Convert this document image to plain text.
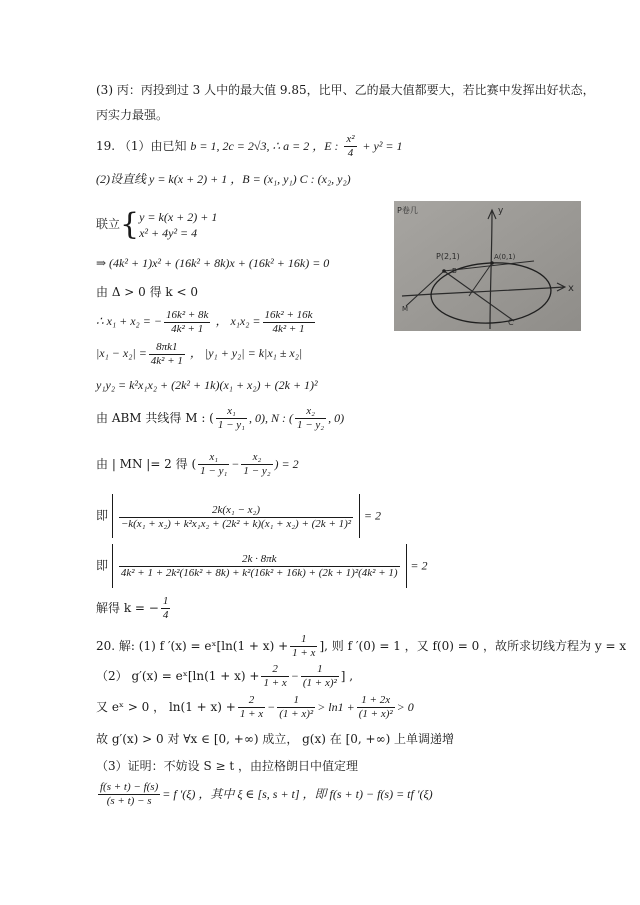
(3) 丙：丙投到过 3 人中的最大值 9.85，比甲、乙的最大值都要大，若比赛中发挥出好状态，
丙实力最强。
19. （1）由已知 b = 1, 2c = 2√3, ∴ a = 2 ，E : $\frac{\text{x²}}{4} + y^2 = 1$
(2)设直线 y = k(x + 2) + 1 ，B = (x₁, y₁) C : (x₂, y₂)
联立{ y = k(x + 2) + 1
x² + 4y² = 4
⇒ (4k² + 1)x² + (16k² + 8k)x + (16k² + 16k) = 0
由 Δ > 0 得 k < 0
∴ x₁ + x₂ = − $\frac{\text{16k² + 8k}}{\text{4k² + 1}}$ ， $x_1x_2 = \frac{\text{16k² + 16k}}{\text{4k² + 1}}$
$|x_1 - x_2| = \frac{8\pi k1}{\text{4k² + 1}}$ ， |y₁ + y₂| = k|x₁ ± x₂|
y₁y₂ = k²x₁x₂ + (2k² + 1k)(x₁ + x₂) + (2k + 1)²
由 ABM 共线得 M : ( $\frac{\text{x₁}}{\text{1 − y₁}}$ , 0), N : ( $\frac{\text{x₂}}{\text{1 − y₂}}$ , 0)
由 | MN |= 2 得 ( $\frac{\text{x₁}}{\text{1 − y₁}} - \frac{\text{x₂}}{\text{1 − y₂}}$ ) = 2
即 $\frac{\text{2k(x₁ − x₂)}}{\text{−k(x₁ + x₂) + k²x₁x₂ + (2k² + k)(x₁ + x₂) + (2k + 1)²}} = 2$
即	2k · 8πk
4k² + 1 + 2k²(16k² + 8k) + k²(16k² + 16k) + (2k + 1)²(4k² + 1)
= 2
解得 k = − $\frac{1}{4}$
20. 解: (1) f ′(x) = eˣ[ln(1 + $x) + \frac{1}{1 + x}$ ], 则 f ′(0) = 1 ，又 f(0) = 0 ，故所求切线方程为 y = x
（2） g′(x) = eˣ[ln(1 + $x) + \frac{2}{1 + x} - \frac{1}{\text{(1 + x)²}}$ ] ,
又 eˣ > 0 ， $\ln(1 + x) + \frac{2}{1 + x} - \frac{1}{\text{(1 + x)²}} > \ln 1 + \frac{1 + 2x}{\text{(1 + x)²}} > 0$
故 g′(x) > 0 对 ∀x ∈ [0, +∞) 成立， g(x) 在 [0, +∞) 上单调递增
（3）证明：不妨设 S ≥ t ，由拉格朗日中值定理
$\frac{f(s + t) - f(s)}{(s + t) - s} = f$ ′(ξ) ，其中 ξ ∈ [s, s + t] ，即 f(s + t) − f(s) = tf ′(ξ)
P卷几
P(2,1)	A(0,1)
B
y
x
M
C
